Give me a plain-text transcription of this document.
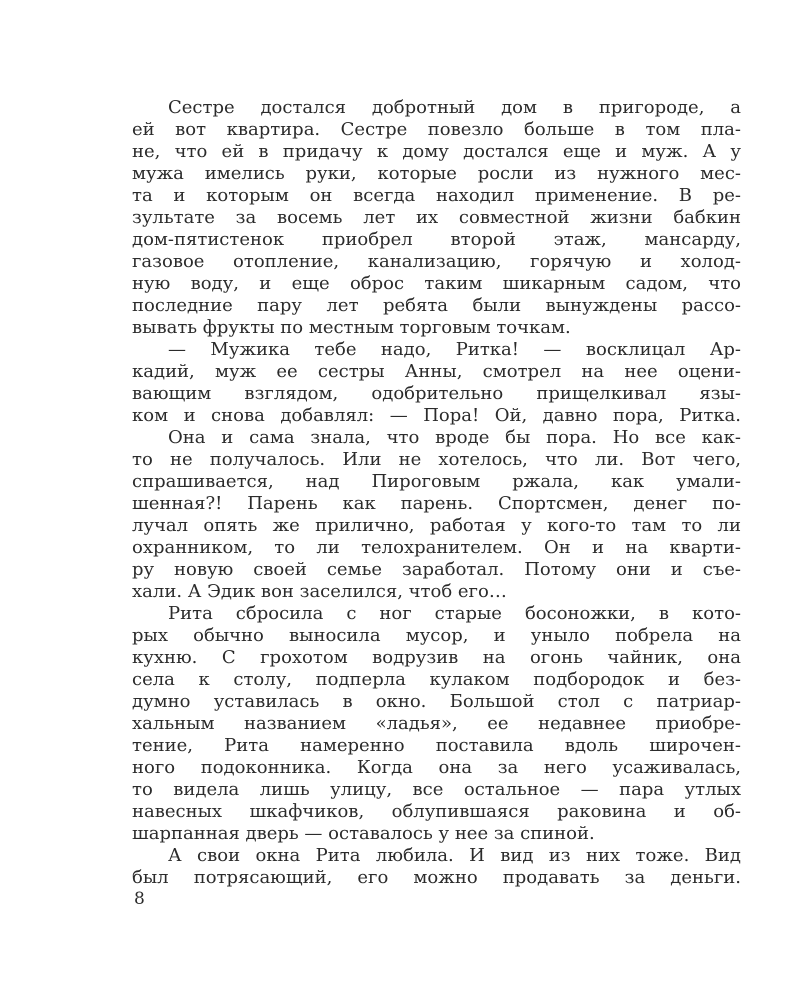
Сестре достался добротный дом в пригороде, а
ей вот квартира. Сестре повезло больше в том пла-
не, что ей в придачу к дому достался еще и муж. А у
мужа имелись руки, которые росли из нужного мес-
та и которым он всегда находил применение. В ре-
зультате за восемь лет их совместной жизни бабкин
дом-пятистенок приобрел второй этаж, мансарду,
газовое отопление, канализацию, горячую и холод-
ную воду, и еще оброс таким шикарным садом, что
последние пару лет ребята были вынуждены рассо-
вывать фрукты по местным торговым точкам.
— Мужика тебе надо, Ритка! — восклицал Ар-
кадий, муж ее сестры Анны, смотрел на нее оцени-
вающим взглядом, одобрительно прищелкивал язы-
ком и снова добавлял: — Пора! Ой, давно пора, Ритка.
Она и сама знала, что вроде бы пора. Но все как-
то не получалось. Или не хотелось, что ли. Вот чего,
спрашивается, над Пироговым ржала, как умали-
шенная?! Парень как парень. Спортсмен, денег по-
лучал опять же прилично, работая у кого-то там то ли
охранником, то ли телохранителем. Он и на кварти-
ру новую своей семье заработал. Потому они и съе-
хали. А Эдик вон заселился, чтоб его…
Рита сбросила с ног старые босоножки, в кото-
рых обычно выносила мусор, и уныло побрела на
кухню. С грохотом водрузив на огонь чайник, она
села к столу, подперла кулаком подбородок и без-
думно уставилась в окно. Большой стол с патриар-
хальным названием «ладья», ее недавнее приобре-
тение, Рита намеренно поставила вдоль широчен-
ного подоконника. Когда она за него усаживалась,
то видела лишь улицу, все остальное — пара утлых
навесных шкафчиков, облупившаяся раковина и об-
шарпанная дверь — оставалось у нее за спиной.
А свои окна Рита любила. И вид из них тоже. Вид
был потрясающий, его можно продавать за деньги.
8
